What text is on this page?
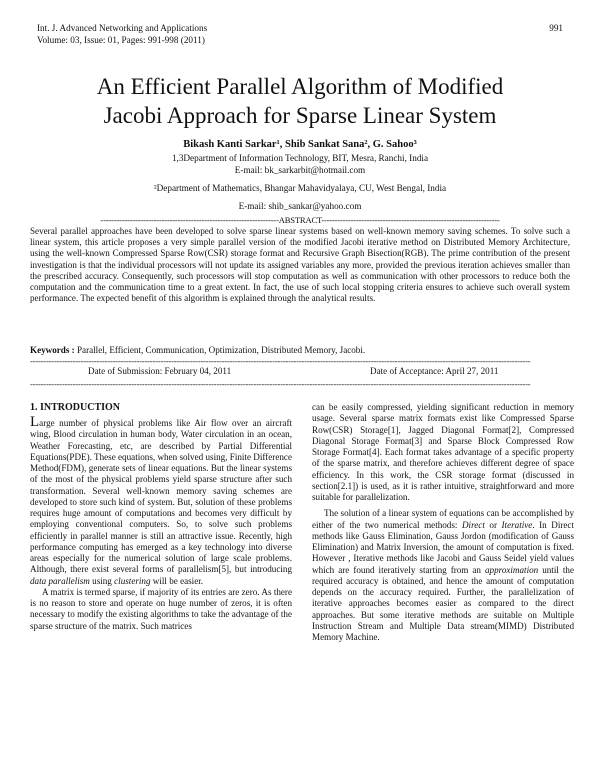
Int. J. Advanced Networking and Applications
Volume: 03, Issue: 01, Pages: 991-998 (2011)
991
An Efficient Parallel Algorithm of Modified
Jacobi Approach for Sparse Linear System
Bikash Kanti Sarkar¹, Shib Sankat Sana², G. Sahoo³
1,3Department of Information Technology, BIT, Mesra, Ranchi, India
E-mail: bk_sarkarbit@hotmail.com
²Department of Mathematics, Bhangar Mahavidyalaya, CU, West Bengal, India
E-mail: shib_sankar@yahoo.com
-------------------------------------------------------------------ABSTRACT-------------------------------------------------------------------
Several parallel approaches have been developed to solve sparse linear systems based on well-known memory saving schemes. To solve such a linear system, this article proposes a very simple parallel version of the modified Jacobi iterative method on Distributed Memory Architecture, using the well-known Compressed Sparse Row(CSR) storage format and Recursive Graph Bisection(RGB). The prime contribution of the present investigation is that the individual processors will not update its assigned variables any more, provided the previous iteration achieves smaller than the prescribed accuracy. Consequently, such processors will stop computation as well as communication with other processors to reduce both the computation and the communication time to a great extent. In fact, the use of such local stopping criteria ensures to achieve such overall system performance. The expected benefit of this algorithm is explained through the analytical results.
Keywords : Parallel, Efficient, Communication, Optimization, Distributed Memory, Jacobi.
--------------------------------------------------------------------------------------------------------------------------------------------------------------------------------------------
Date of Submission: February 04, 2011	Date of Acceptance: April 27, 2011
--------------------------------------------------------------------------------------------------------------------------------------------------------------------------------------------
1. INTRODUCTION

Large number of physical problems like Air flow over an aircraft wing, Blood circulation in human body, Water circulation in an ocean, Weather Forecasting, etc, are described by Partial Differential Equations(PDE). These equations, when solved using, Finite Difference Method(FDM), generate sets of linear equations. But the linear systems of the most of the physical problems yield sparse structure after such transformation. Several well-known memory saving schemes are developed to store such kind of system. But, solution of these problems requires huge amount of computations and becomes very difficult by employing conventional computers. So, to solve such problems efficiently in parallel manner is still an attractive issue. Recently, high performance computing has emerged as a key technology into diverse areas especially for the numerical solution of large scale problems. Although, there exist several forms of parallelism[5], but introducing data parallelism using clustering will be easier.

A matrix is termed sparse, if majority of its entries are zero. As there is no reason to store and operate on huge number of zeros, it is often necessary to modify the existing algorithms to take the advantage of the sparse structure of the matrix. Such matrices

can be easily compressed, yielding significant reduction in memory usage. Several sparse matrix formats exist like Compressed Sparse Row(CSR) Storage[1], Jagged Diagonal Format[2], Compressed Diagonal Storage Format[3] and Sparse Block Compressed Row Storage Format[4]. Each format takes advantage of a specific property of the sparse matrix, and therefore achieves different degree of space efficiency. In this work, the CSR storage format (discussed in section[2.1]) is used, as it is rather intuitive, straightforward and more suitable for parallelization.

The solution of a linear system of equations can be accomplished by either of the two numerical methods: Direct or Iterative. In Direct methods like Gauss Elimination, Gauss Jordon (modification of Gauss Elimination) and Matrix Inversion, the amount of computation is fixed. However , Iterative methods like Jacobi and Gauss Seidel yield values which are found iteratively starting from an approximation until the required accuracy is obtained, and hence the amount of computation depends on the accuracy required. Further, the parallelization of iterative approaches becomes easier as compared to the direct approaches. But some iterative methods are suitable on Multiple Instruction Stream and Multiple Data stream(MIMD) Distributed Memory Machine.
